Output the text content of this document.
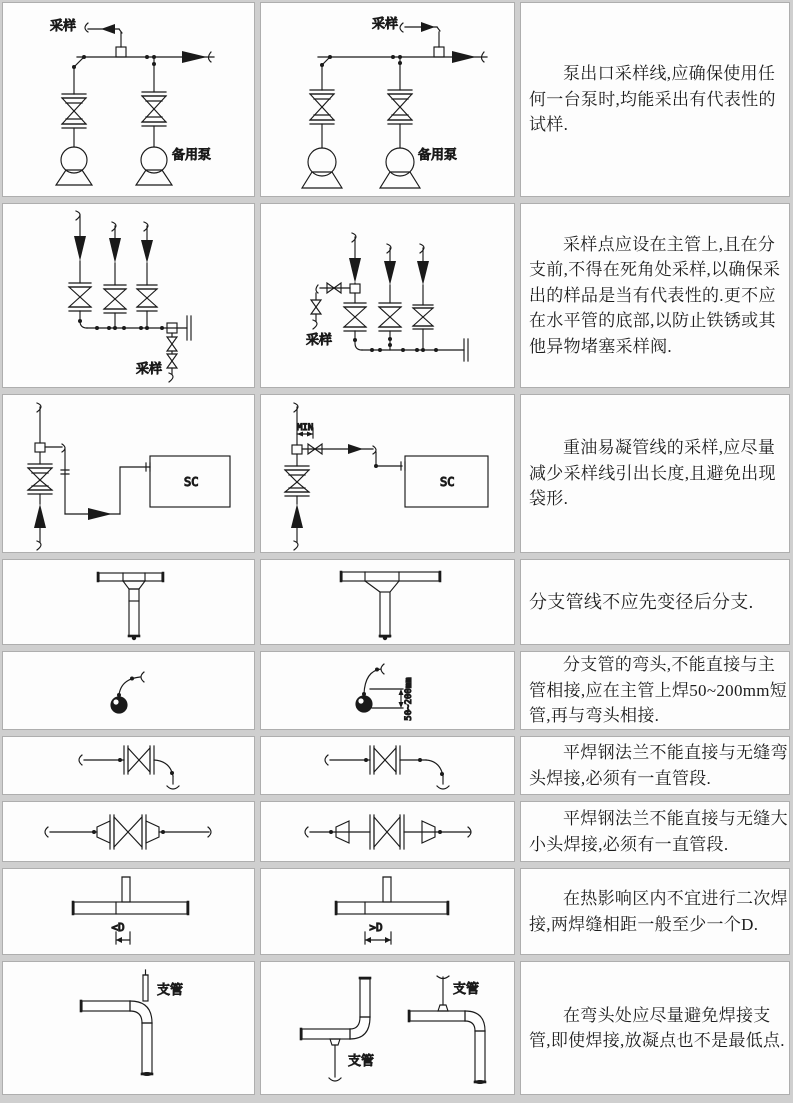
采样
备用泵
采样
备用泵

泵出口采样线,应确保使用任何一台泵时,均能采出有代表性的试样.

采样
采样

采样点应设在主管上,且在分支前,不得在死角处采样,以确保采出的样品是当有代表性的.更不应在水平管的底部,以防止铁锈或其他异物堵塞采样阀.

SC
MIN
SC

重油易凝管线的采样,应尽量减少采样线引出长度,且避免出现袋形.

分支管线不应先变径后分支.

50~200mm

分支管的弯头,不能直接与主管相接,应在主管上焊50~200mm短管,再与弯头相接.

平焊钢法兰不能直接与无缝弯头焊接,必须有一直管段.

平焊钢法兰不能直接与无缝大小头焊接,必须有一直管段.

<D	>D

在热影响区内不宜进行二次焊接,两焊缝相距一般至少一个D.

支管
支管
支管

在弯头处应尽量避免焊接支管,即使焊接,放凝点也不是最低点.
